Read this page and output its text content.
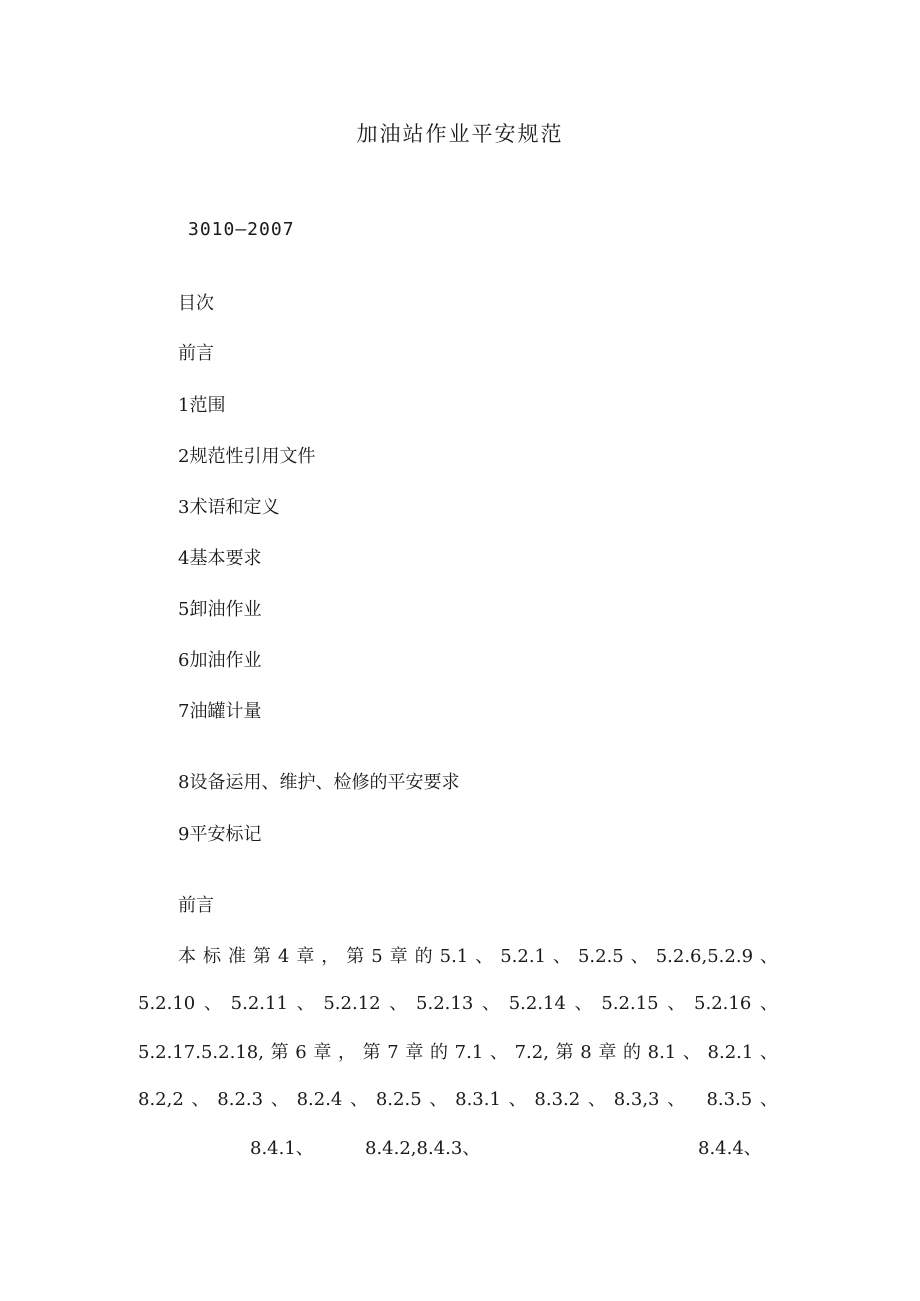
加油站作业平安规范
3010—2007
目次
前言
1范围
2规范性引用文件
3术语和定义
4基本要求
5卸油作业
6加油作业
7油罐计量
8设备运用、维护、检修的平安要求
9平安标记
前言
本标准第4章，第5章的5.1、5.2.1、5.2.5、5.2.6,5.2.9、
5.2.10、5.2.11、5.2.12、5.2.13、5.2.14、5.2.15、5.2.16、
5.2.17.5.2.18,第6章，第7章的7.1、7.2,第8章的8.1、8.2.1、
8.2,2、8.2.3、8.2.4、8.2.5、8.3.1、8.3.2、8.3,3、 8.3.5、
8.4.1、	8.4.2,8.4.3、	8.4.4、
